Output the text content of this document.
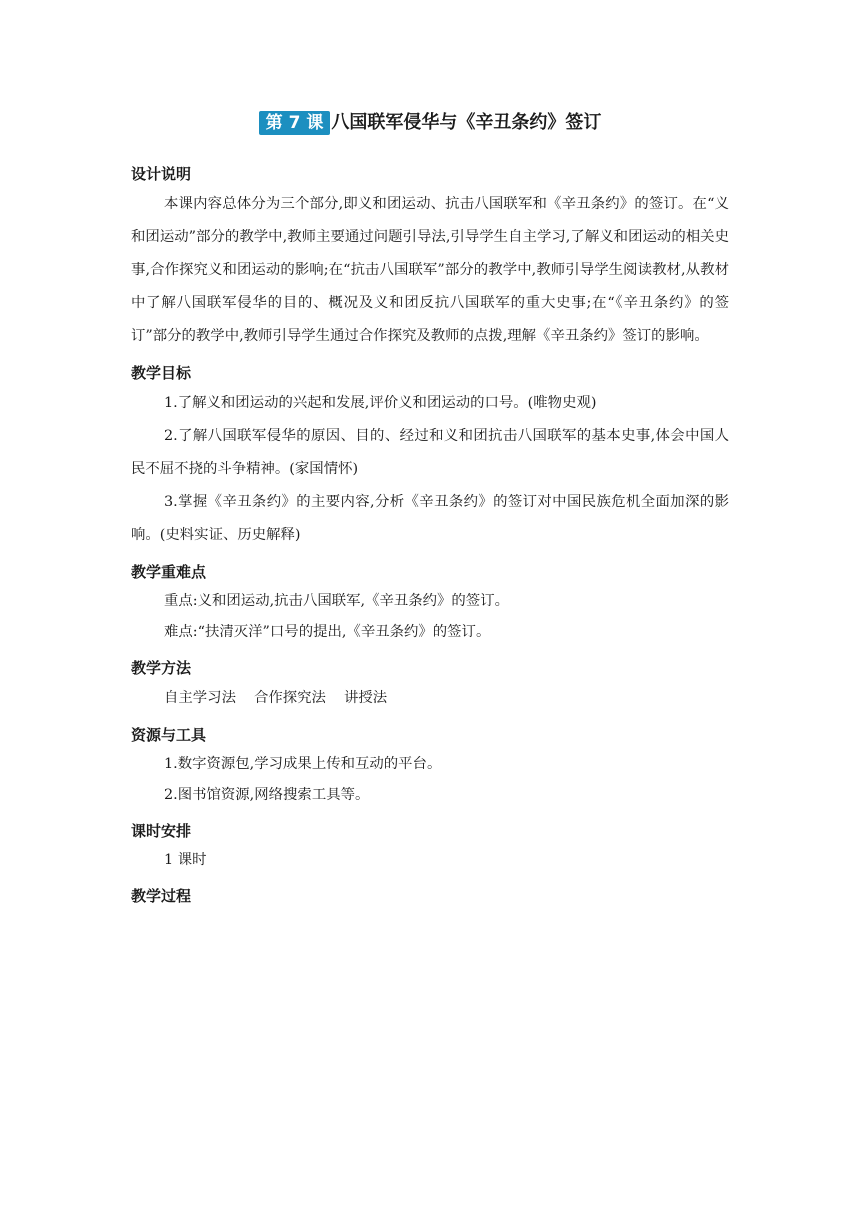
第 7 课 八国联军侵华与《辛丑条约》签订
设计说明

本课内容总体分为三个部分,即义和团运动、抗击八国联军和《辛丑条约》的签订。在“义和团运动”部分的教学中,教师主要通过问题引导法,引导学生自主学习,了解义和团运动的相关史事,合作探究义和团运动的影响;在“抗击八国联军”部分的教学中,教师引导学生阅读教材,从教材中了解八国联军侵华的目的、概况及义和团反抗八国联军的重大史事;在“《辛丑条约》的签订”部分的教学中,教师引导学生通过合作探究及教师的点拨,理解《辛丑条约》签订的影响。

教学目标

1.了解义和团运动的兴起和发展,评价义和团运动的口号。(唯物史观)

2.了解八国联军侵华的原因、目的、经过和义和团抗击八国联军的基本史事,体会中国人民不屈不挠的斗争精神。(家国情怀)

3.掌握《辛丑条约》的主要内容,分析《辛丑条约》的签订对中国民族危机全面加深的影响。(史料实证、历史解释)

教学重难点

重点:义和团运动,抗击八国联军,《辛丑条约》的签订。

难点:“扶清灭洋”口号的提出,《辛丑条约》的签订。

教学方法

自主学习法 合作探究法 讲授法

资源与工具

1.数字资源包,学习成果上传和互动的平台。

2.图书馆资源,网络搜索工具等。

课时安排

1 课时

教学过程
